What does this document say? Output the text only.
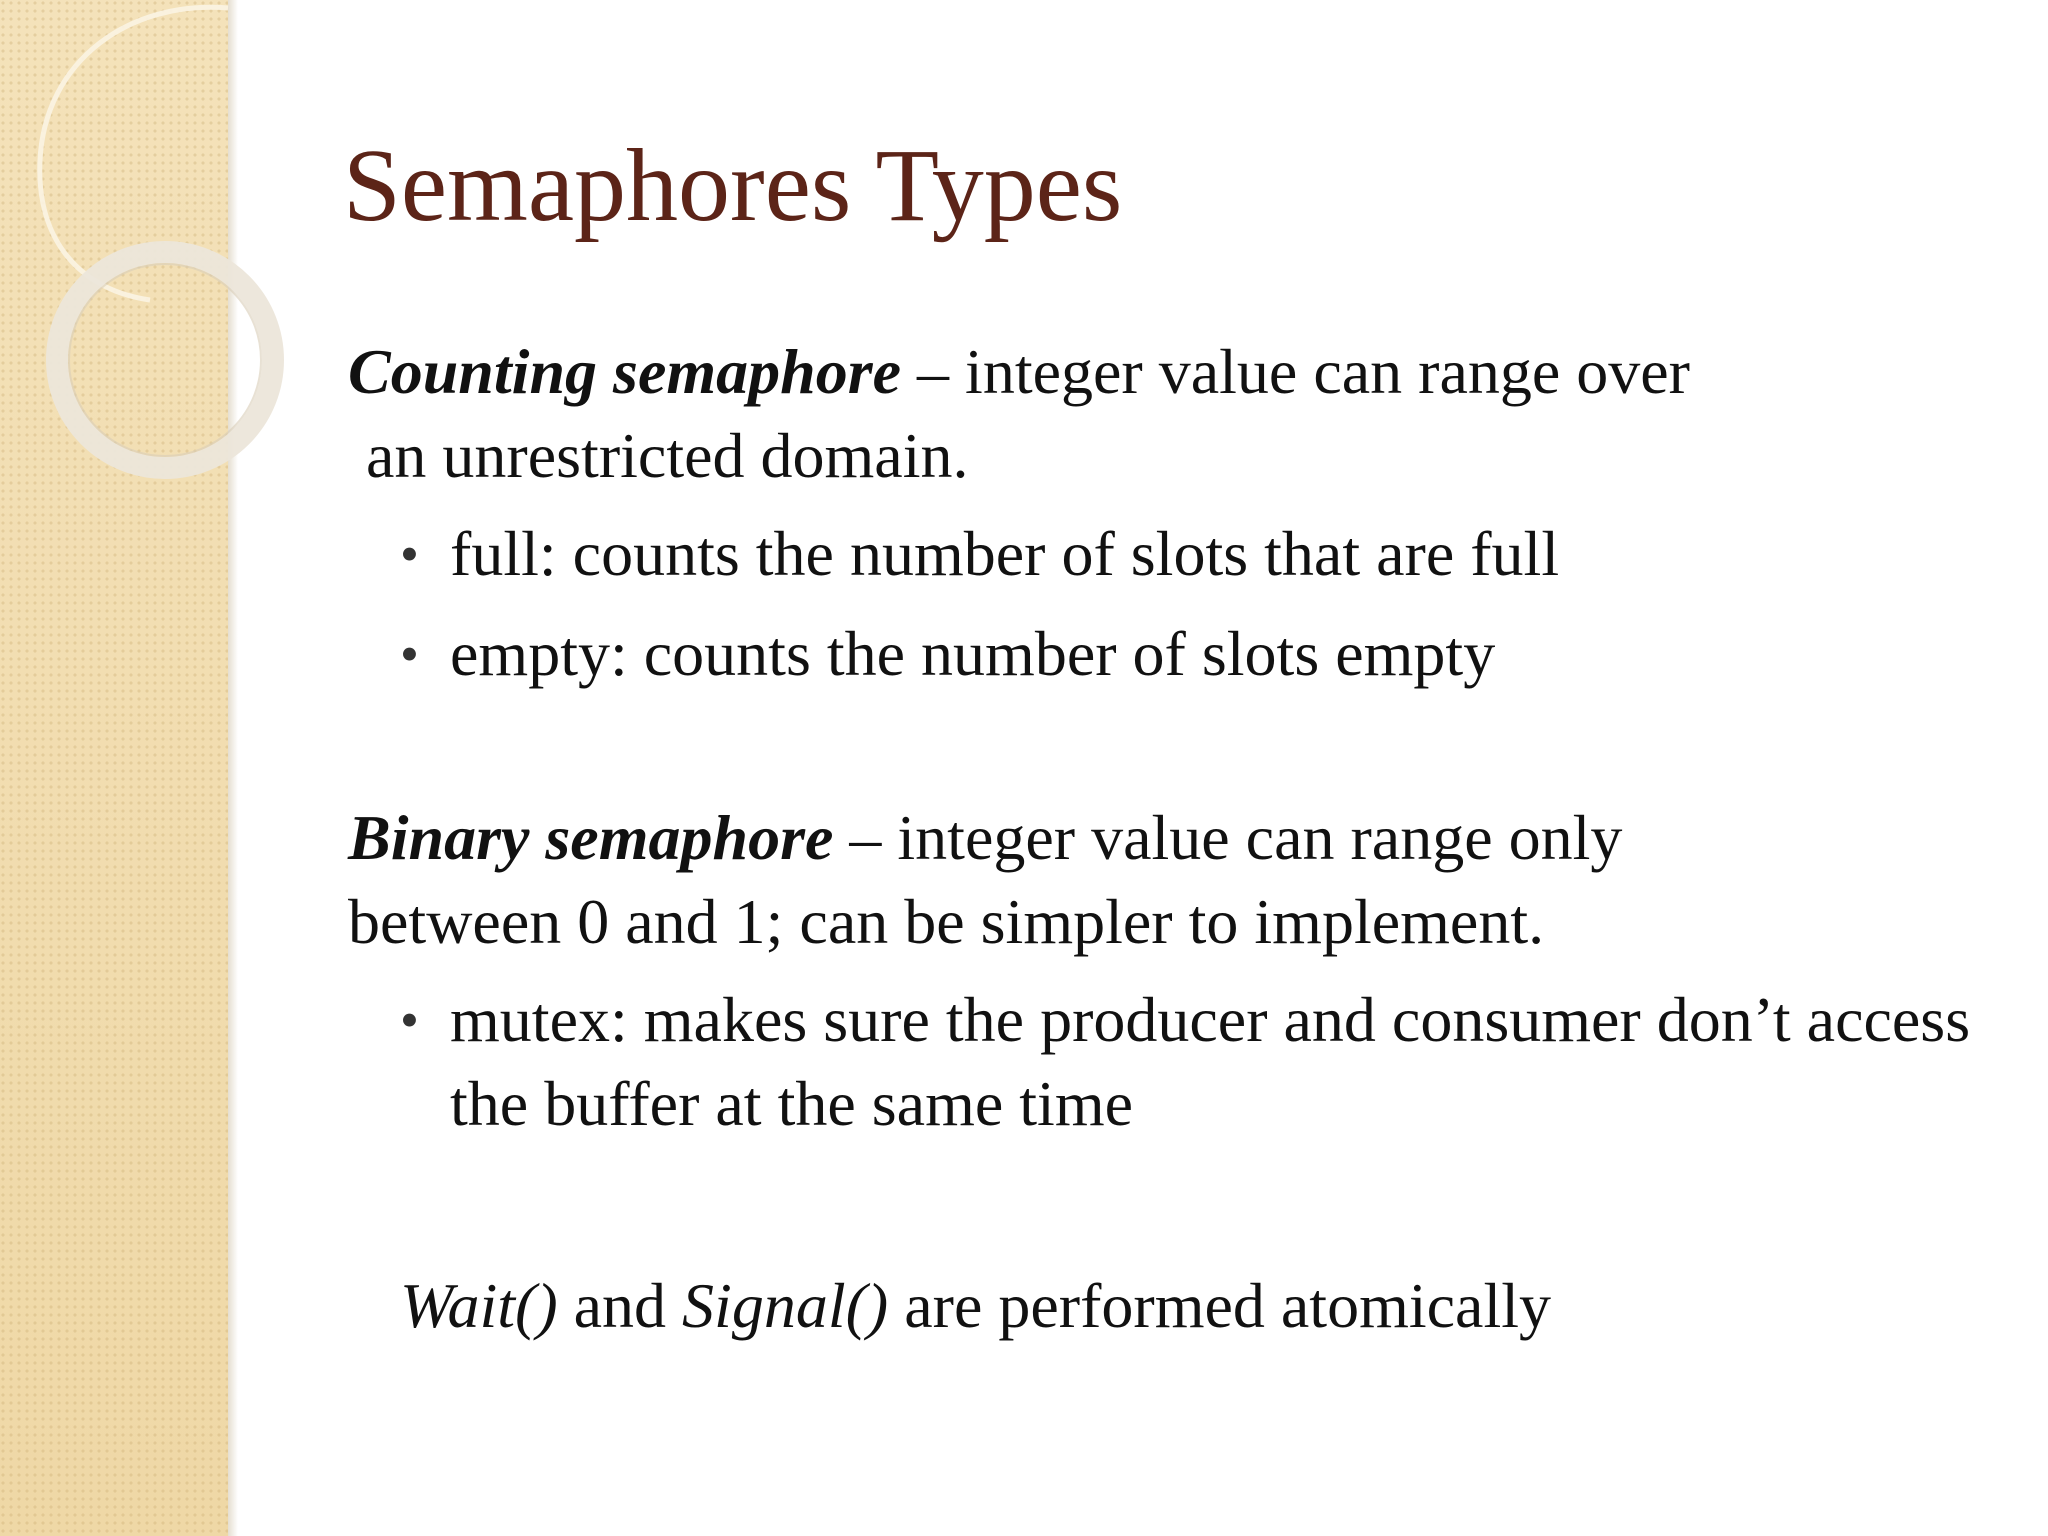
Semaphores Types

Counting semaphore – integer value can range over
an unrestricted domain.

• full: counts the number of slots that are full
• empty: counts the number of slots empty

Binary semaphore – integer value can range only
between 0 and 1; can be simpler to implement.

• mutex: makes sure the producer and consumer don’t access the buffer at the same time

Wait() and Signal() are performed atomically
